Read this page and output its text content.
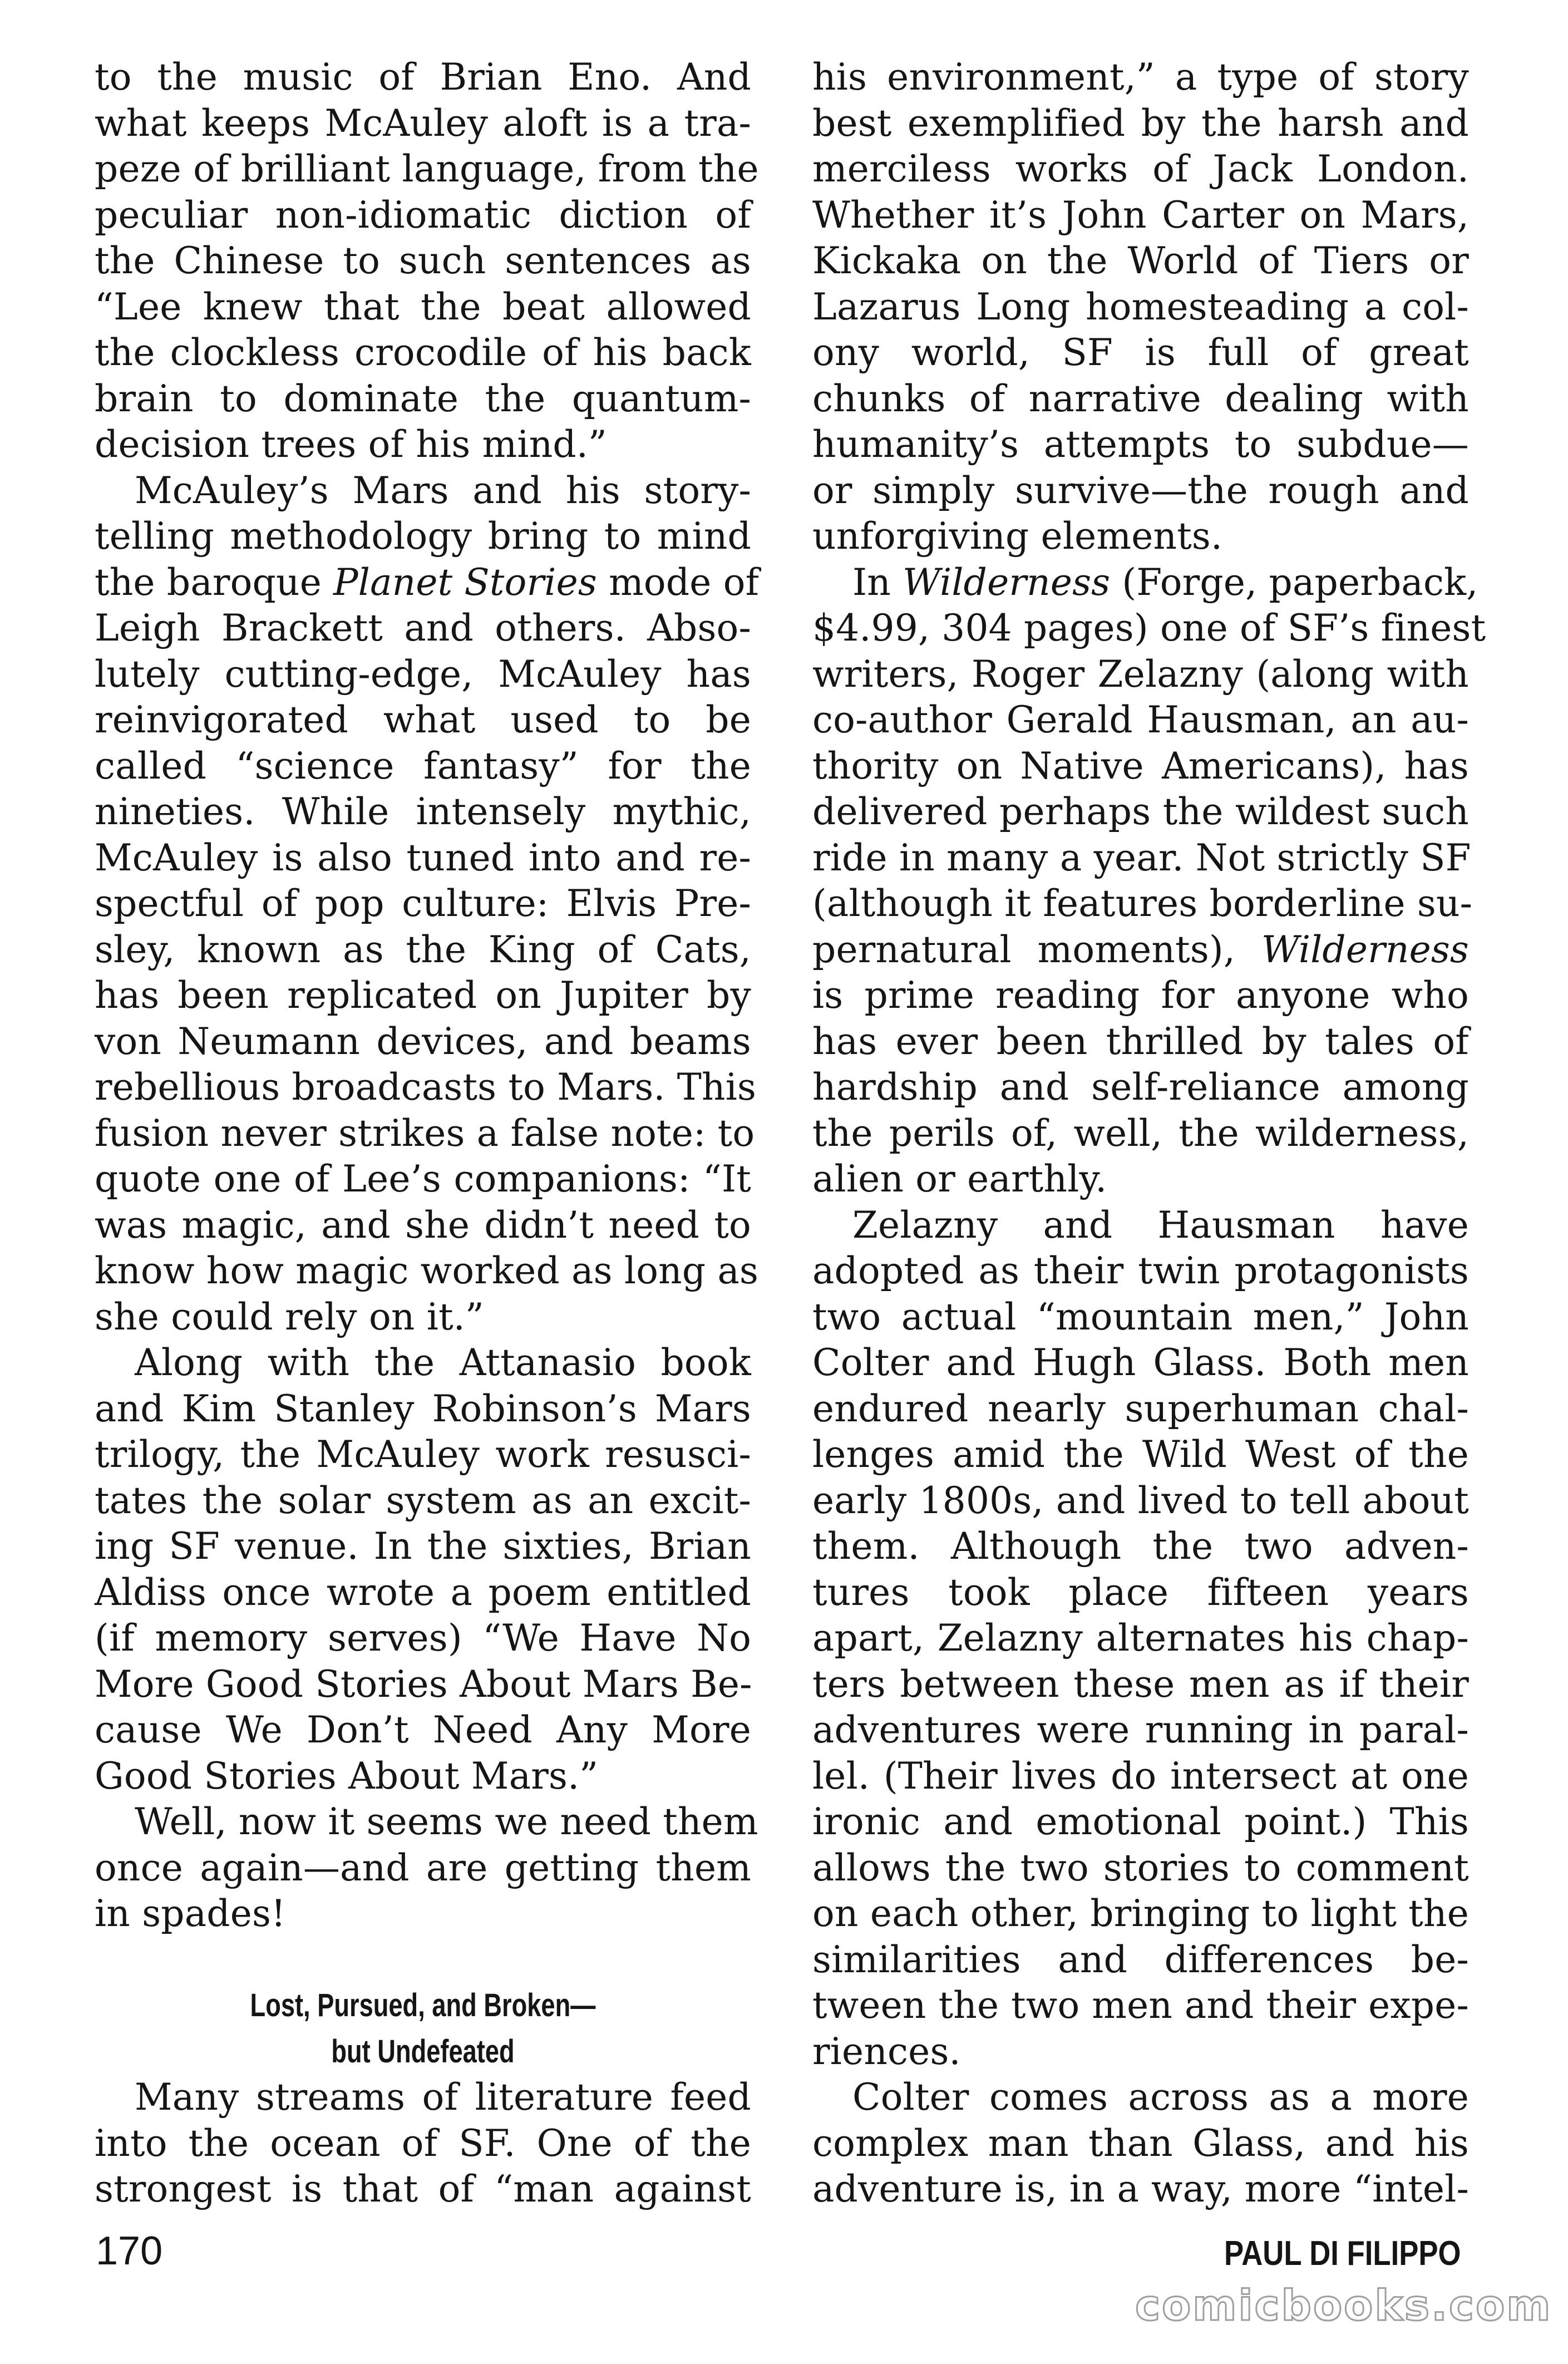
to the music of Brian Eno. And
what keeps McAuley aloft is a tra-
peze of brilliant language, from the
peculiar non-idiomatic diction of
the Chinese to such sentences as
“Lee knew that the beat allowed
the clockless crocodile of his back
brain to dominate the quantum-
decision trees of his mind.”
McAuley’s Mars and his story-
telling methodology bring to mind
the baroque Planet Stories mode of
Leigh Brackett and others. Abso-
lutely cutting-edge, McAuley has
reinvigorated what used to be
called “science fantasy” for the
nineties. While intensely mythic,
McAuley is also tuned into and re-
spectful of pop culture: Elvis Pre-
sley, known as the King of Cats,
has been replicated on Jupiter by
von Neumann devices, and beams
rebellious broadcasts to Mars. This
fusion never strikes a false note: to
quote one of Lee’s companions: “It
was magic, and she didn’t need to
know how magic worked as long as
she could rely on it.”
Along with the Attanasio book
and Kim Stanley Robinson’s Mars
trilogy, the McAuley work resusci-
tates the solar system as an excit-
ing SF venue. In the sixties, Brian
Aldiss once wrote a poem entitled
(if memory serves) “We Have No
More Good Stories About Mars Be-
cause We Don’t Need Any More
Good Stories About Mars.”
Well, now it seems we need them
once again—and are getting them
in spades!
Lost, Pursued, and Broken—
but Undefeated
Many streams of literature feed
into the ocean of SF. One of the
strongest is that of “man against
his environment,” a type of story
best exemplified by the harsh and
merciless works of Jack London.
Whether it’s John Carter on Mars,
Kickaka on the World of Tiers or
Lazarus Long homesteading a col-
ony world, SF is full of great
chunks of narrative dealing with
humanity’s attempts to subdue—
or simply survive—the rough and
unforgiving elements.
In Wilderness (Forge, paperback,
$4.99, 304 pages) one of SF’s finest
writers, Roger Zelazny (along with
co-author Gerald Hausman, an au-
thority on Native Americans), has
delivered perhaps the wildest such
ride in many a year. Not strictly SF
(although it features borderline su-
pernatural moments), Wilderness
is prime reading for anyone who
has ever been thrilled by tales of
hardship and self-reliance among
the perils of, well, the wilderness,
alien or earthly.
Zelazny and Hausman have
adopted as their twin protagonists
two actual “mountain men,” John
Colter and Hugh Glass. Both men
endured nearly superhuman chal-
lenges amid the Wild West of the
early 1800s, and lived to tell about
them. Although the two adven-
tures took place fifteen years
apart, Zelazny alternates his chap-
ters between these men as if their
adventures were running in paral-
lel. (Their lives do intersect at one
ironic and emotional point.) This
allows the two stories to comment
on each other, bringing to light the
similarities and differences be-
tween the two men and their expe-
riences.
Colter comes across as a more
complex man than Glass, and his
adventure is, in a way, more “intel-
170	PAUL DI FILIPPO
comicbooks.com
